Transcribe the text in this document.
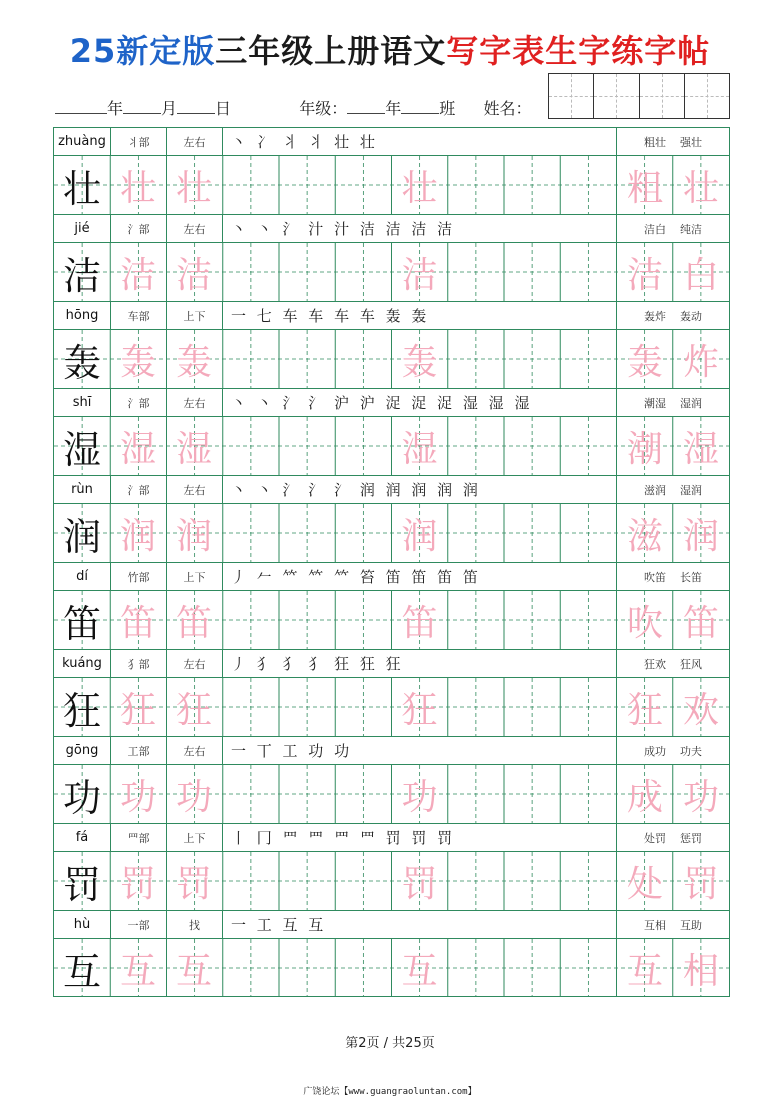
25新定版三年级上册语文写字表生字练字帖
年 月 日	年级： 年 班 姓名：
zhuàng	丬部	左右	丶 冫 丬 丬 壮 壮	粗壮 强壮
壮 壮 壮	壮	粗 壮
jié	氵部	左右	丶 丶 氵 汁 汁 洁 洁 洁 洁	洁白 纯洁
洁 洁 洁	洁	洁 白
hōng	车部	上下	一 七 车 车 车 车 轰 轰	轰炸 轰动
轰 轰 轰	轰	轰 炸
shī	氵部	左右	丶 丶 氵 氵 沪 沪 浞 浞 浞 湿 湿 湿	潮湿 湿润
湿 湿 湿	湿	潮 湿
rùn	氵部	左右	丶 丶 氵 氵 氵 润 润 润 润 润	滋润 湿润
润 润 润	润	滋 润
dí	竹部	上下	丿 𠂉 𥫗 𥫗 𥫗 笞 笛 笛 笛 笛	吹笛 长笛
笛 笛 笛	笛	吹 笛
kuáng	犭部	左右	丿 犭 犭 犭 狂 狂 狂	狂欢 狂风
狂 狂 狂	狂	狂 欢
gōng	工部	左右	一 丅 工 功 功	成功 功夫
功 功 功	功	成 功
fá	罒部	上下	丨 冂 罒 罒 罒 罒 罚 罚 罚	处罚 惩罚
罚 罚 罚	罚	处 罚
hù	一部	找	一 工 互 互	互相 互助
互 互 互	互	互 相
第2页 / 共25页
广饶论坛【www.guangraoluntan.com】
